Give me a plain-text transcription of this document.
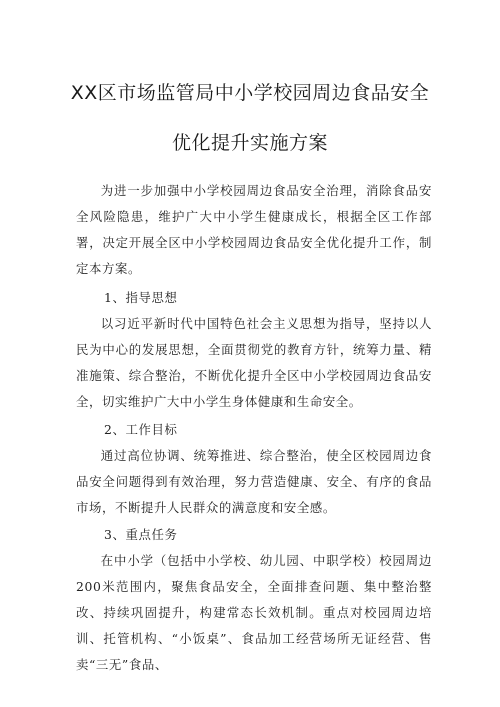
XX区市场监管局中小学校园周边食品安全
优化提升实施方案

为进一步加强中小学校园周边食品安全治理，消除食品安全风险隐患，维护广大中小学生健康成长，根据全区工作部署，决定开展全区中小学校园周边食品安全优化提升工作，制定本方案。

1、指导思想

以习近平新时代中国特色社会主义思想为指导，坚持以人民为中心的发展思想，全面贯彻党的教育方针，统筹力量、精准施策、综合整治，不断优化提升全区中小学校园周边食品安全，切实维护广大中小学生身体健康和生命安全。

2、工作目标

通过高位协调、统筹推进、综合整治，使全区校园周边食品安全问题得到有效治理，努力营造健康、安全、有序的食品市场，不断提升人民群众的满意度和安全感。

3、重点任务

在中小学（包括中小学校、幼儿园、中职学校）校园周边200米范围内，聚焦食品安全，全面排查问题、集中整治整改、持续巩固提升，构建常态长效机制。重点对校园周边培训、托管机构、“小饭桌”、食品加工经营场所无证经营、售卖“三无”食品、
